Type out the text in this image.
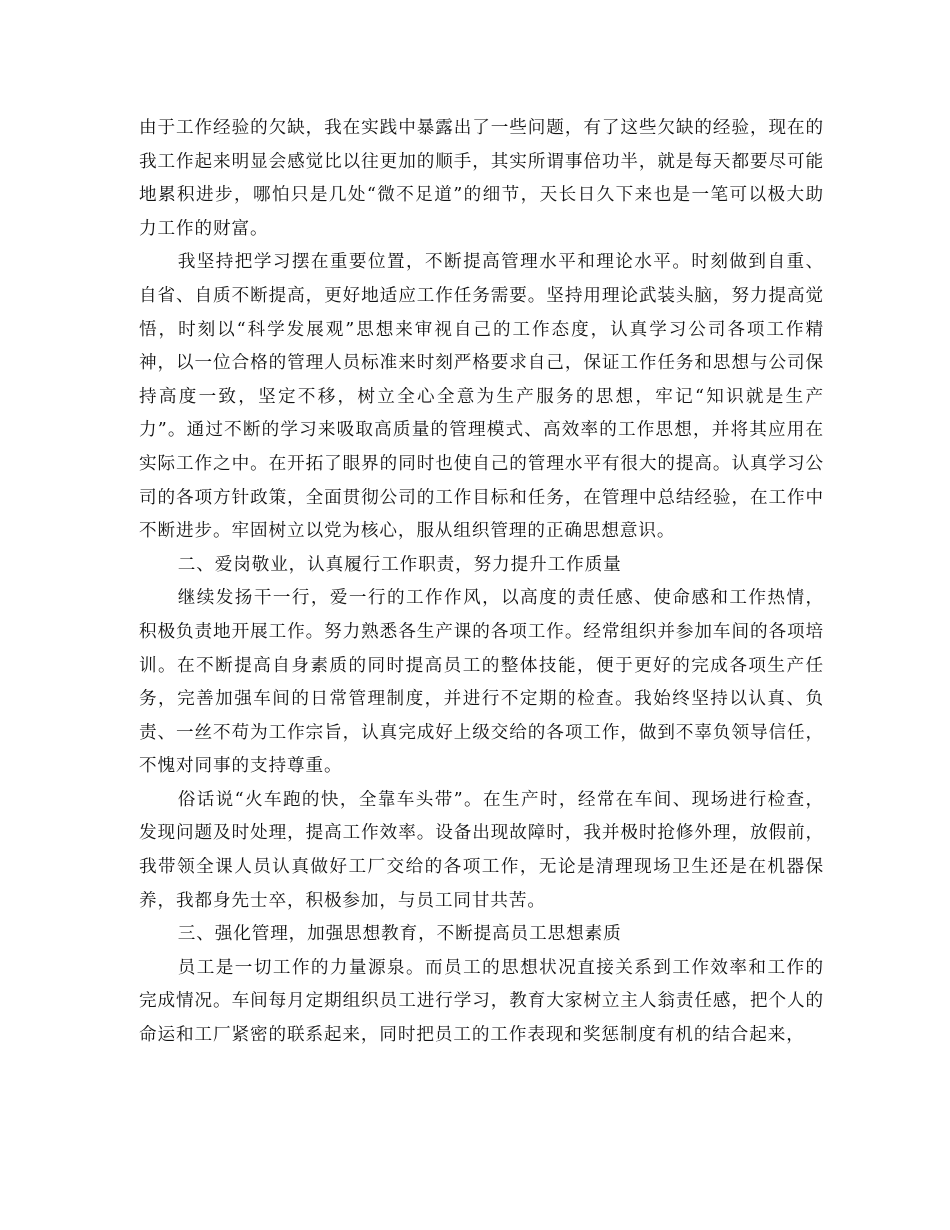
由于工作经验的欠缺，我在实践中暴露出了一些问题，有了这些欠缺的经验，现在的我工作起来明显会感觉比以往更加的顺手，其实所谓事倍功半，就是每天都要尽可能地累积进步，哪怕只是几处“微不足道”的细节，天长日久下来也是一笔可以极大助力工作的财富。

我坚持把学习摆在重要位置，不断提高管理水平和理论水平。时刻做到自重、自省、自质不断提高，更好地适应工作任务需要。坚持用理论武装头脑，努力提高觉悟，时刻以“科学发展观”思想来审视自己的工作态度，认真学习公司各项工作精神，以一位合格的管理人员标准来时刻严格要求自己，保证工作任务和思想与公司保持高度一致，坚定不移，树立全心全意为生产服务的思想，牢记“知识就是生产力”。通过不断的学习来吸取高质量的管理模式、高效率的工作思想，并将其应用在实际工作之中。在开拓了眼界的同时也使自己的管理水平有很大的提高。认真学习公司的各项方针政策，全面贯彻公司的工作目标和任务，在管理中总结经验，在工作中不断进步。牢固树立以党为核心，服从组织管理的正确思想意识。

二、爱岗敬业，认真履行工作职责，努力提升工作质量

继续发扬干一行，爱一行的工作作风，以高度的责任感、使命感和工作热情，积极负责地开展工作。努力熟悉各生产课的各项工作。经常组织并参加车间的各项培训。在不断提高自身素质的同时提高员工的整体技能，便于更好的完成各项生产任务，完善加强车间的日常管理制度，并进行不定期的检查。我始终坚持以认真、负责、一丝不苟为工作宗旨，认真完成好上级交给的各项工作，做到不辜负领导信任，不愧对同事的支持尊重。

俗话说“火车跑的快，全靠车头带”。在生产时，经常在车间、现场进行检查，发现问题及时处理，提高工作效率。设备出现故障时，我并极时抢修外理，放假前，我带领全课人员认真做好工厂交给的各项工作，无论是清理现场卫生还是在机器保养，我都身先士卒，积极参加，与员工同甘共苦。

三、强化管理，加强思想教育，不断提高员工思想素质

员工是一切工作的力量源泉。而员工的思想状况直接关系到工作效率和工作的完成情况。车间每月定期组织员工进行学习，教育大家树立主人翁责任感，把个人的命运和工厂紧密的联系起来，同时把员工的工作表现和奖惩制度有机的结合起来，
